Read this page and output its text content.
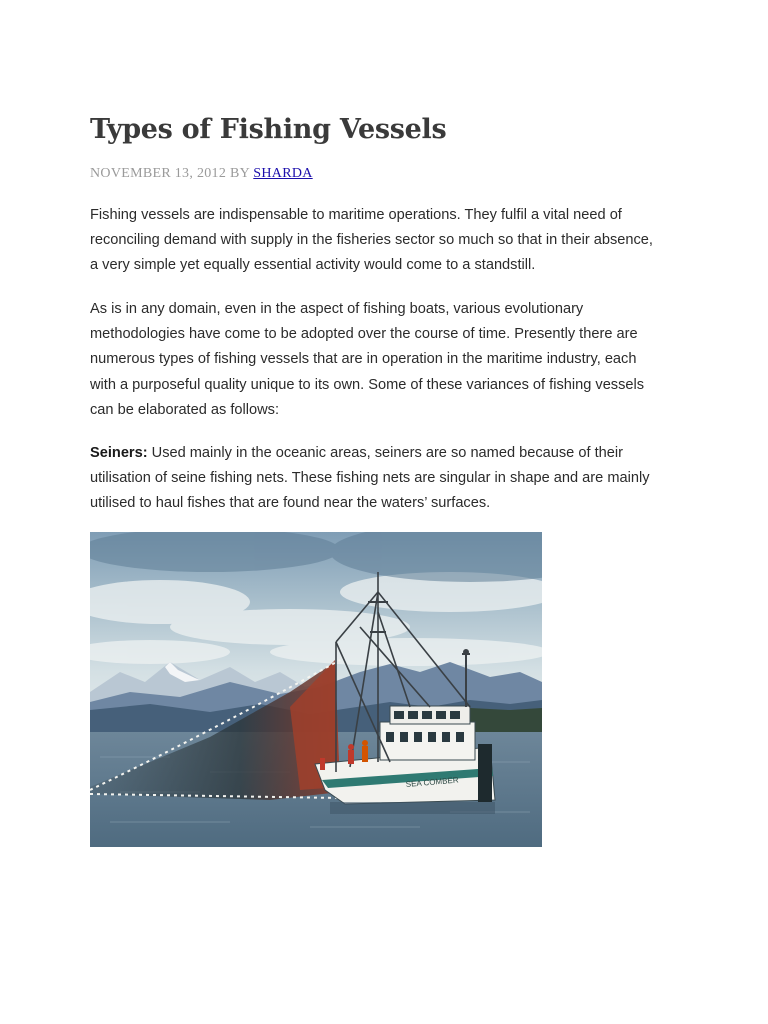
Types of Fishing Vessels
NOVEMBER 13, 2012 BY SHARDA

Fishing vessels are indispensable to maritime operations. They fulfil a vital need of
reconciling demand with supply in the fisheries sector so much so that in their absence,
a very simple yet equally essential activity would come to a standstill.

As is in any domain, even in the aspect of fishing boats, various evolutionary
methodologies have come to be adopted over the course of time. Presently there are
numerous types of fishing vessels that are in operation in the maritime industry, each
with a purposeful quality unique to its own. Some of these variances of fishing vessels
can be elaborated as follows:

Seiners: Used mainly in the oceanic areas, seiners are so named because of their
utilisation of seine fishing nets. These fishing nets are singular in shape and are mainly
utilised to haul fishes that are found near the waters’ surfaces.

SEA COMBER
